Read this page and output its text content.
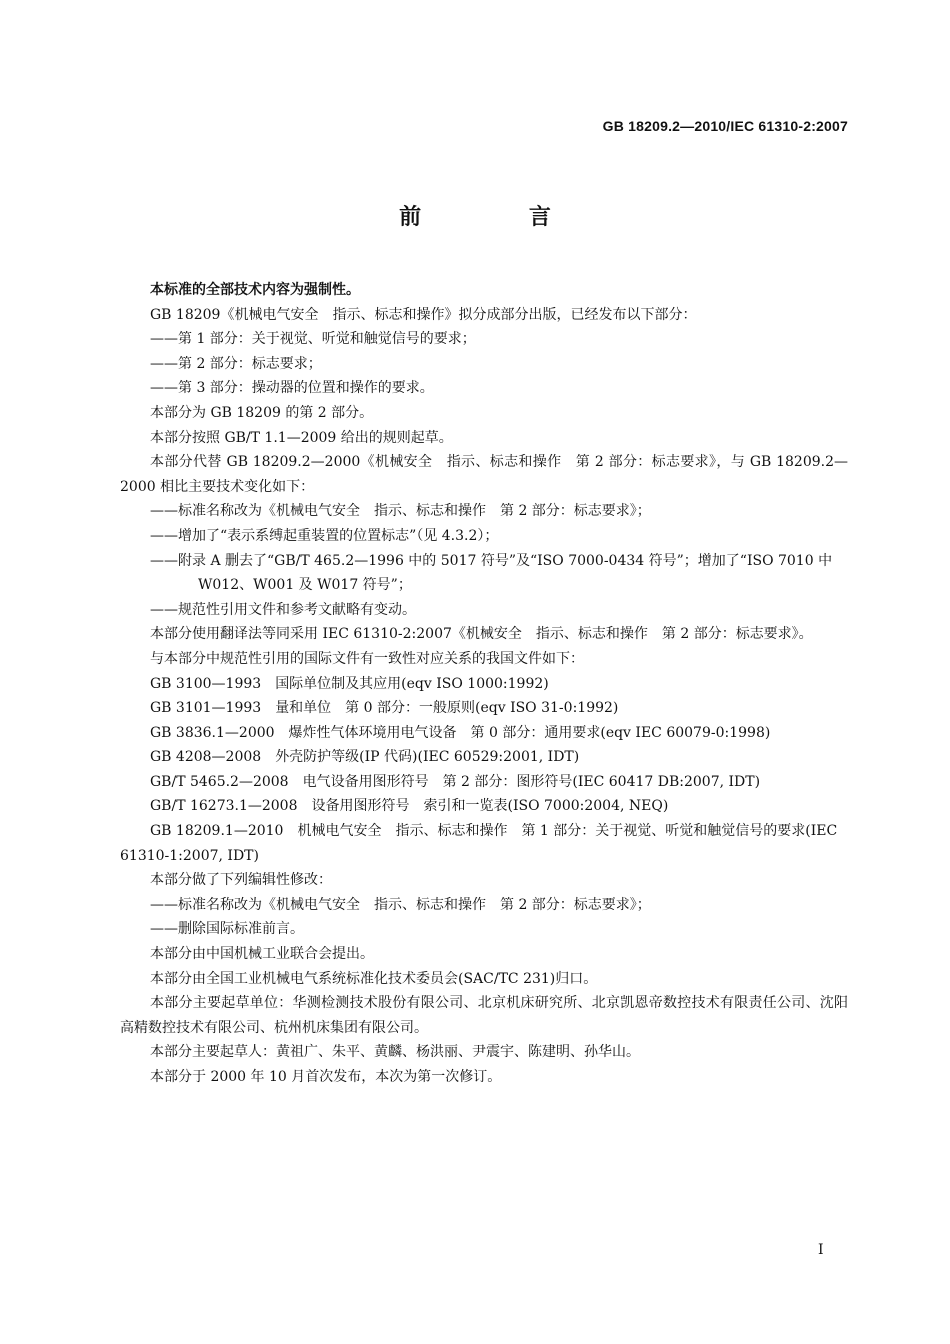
GB 18209.2—2010/IEC 61310-2:2007
前 言

本标准的全部技术内容为强制性。

GB 18209《机械电气安全　指示、标志和操作》拟分成部分出版，已经发布以下部分：

——第 1 部分：关于视觉、听觉和触觉信号的要求；

——第 2 部分：标志要求；

——第 3 部分：操动器的位置和操作的要求。

本部分为 GB 18209 的第 2 部分。

本部分按照 GB/T 1.1—2009 给出的规则起草。

本部分代替 GB 18209.2—2000《机械安全　指示、标志和操作　第 2 部分：标志要求》，与 GB 18209.2—2000 相比主要技术变化如下：

——标准名称改为《机械电气安全　指示、标志和操作　第 2 部分：标志要求》；

——增加了“表示系缚起重装置的位置标志”（见 4.3.2）；

——附录 A 删去了“GB/T 465.2—1996 中的 5017 符号”及“ISO 7000-0434 符号”；增加了“ISO 7010 中 W012、W001 及 W017 符号”；

——规范性引用文件和参考文献略有变动。

本部分使用翻译法等同采用 IEC 61310-2:2007《机械安全　指示、标志和操作　第 2 部分：标志要求》。

与本部分中规范性引用的国际文件有一致性对应关系的我国文件如下：

GB 3100—1993 国际单位制及其应用(eqv ISO 1000:1992)

GB 3101—1993 量和单位　第 0 部分：一般原则(eqv ISO 31-0:1992)

GB 3836.1—2000 爆炸性气体环境用电气设备　第 0 部分：通用要求(eqv IEC 60079-0:1998)

GB 4208—2008 外壳防护等级(IP 代码)(IEC 60529:2001, IDT)

GB/T 5465.2—2008 电气设备用图形符号　第 2 部分：图形符号(IEC 60417 DB:2007, IDT)

GB/T 16273.1—2008 设备用图形符号　索引和一览表(ISO 7000:2004, NEQ)

GB 18209.1—2010 机械电气安全　指示、标志和操作　第 1 部分：关于视觉、听觉和触觉信号的要求(IEC 61310-1:2007, IDT)

本部分做了下列编辑性修改：

——标准名称改为《机械电气安全　指示、标志和操作　第 2 部分：标志要求》；

——删除国际标准前言。

本部分由中国机械工业联合会提出。

本部分由全国工业机械电气系统标准化技术委员会(SAC/TC 231)归口。

本部分主要起草单位：华测检测技术股份有限公司、北京机床研究所、北京凯恩帝数控技术有限责任公司、沈阳高精数控技术有限公司、杭州机床集团有限公司。

本部分主要起草人：黄祖广、朱平、黄麟、杨洪丽、尹震宇、陈建明、孙华山。

本部分于 2000 年 10 月首次发布，本次为第一次修订。

I
